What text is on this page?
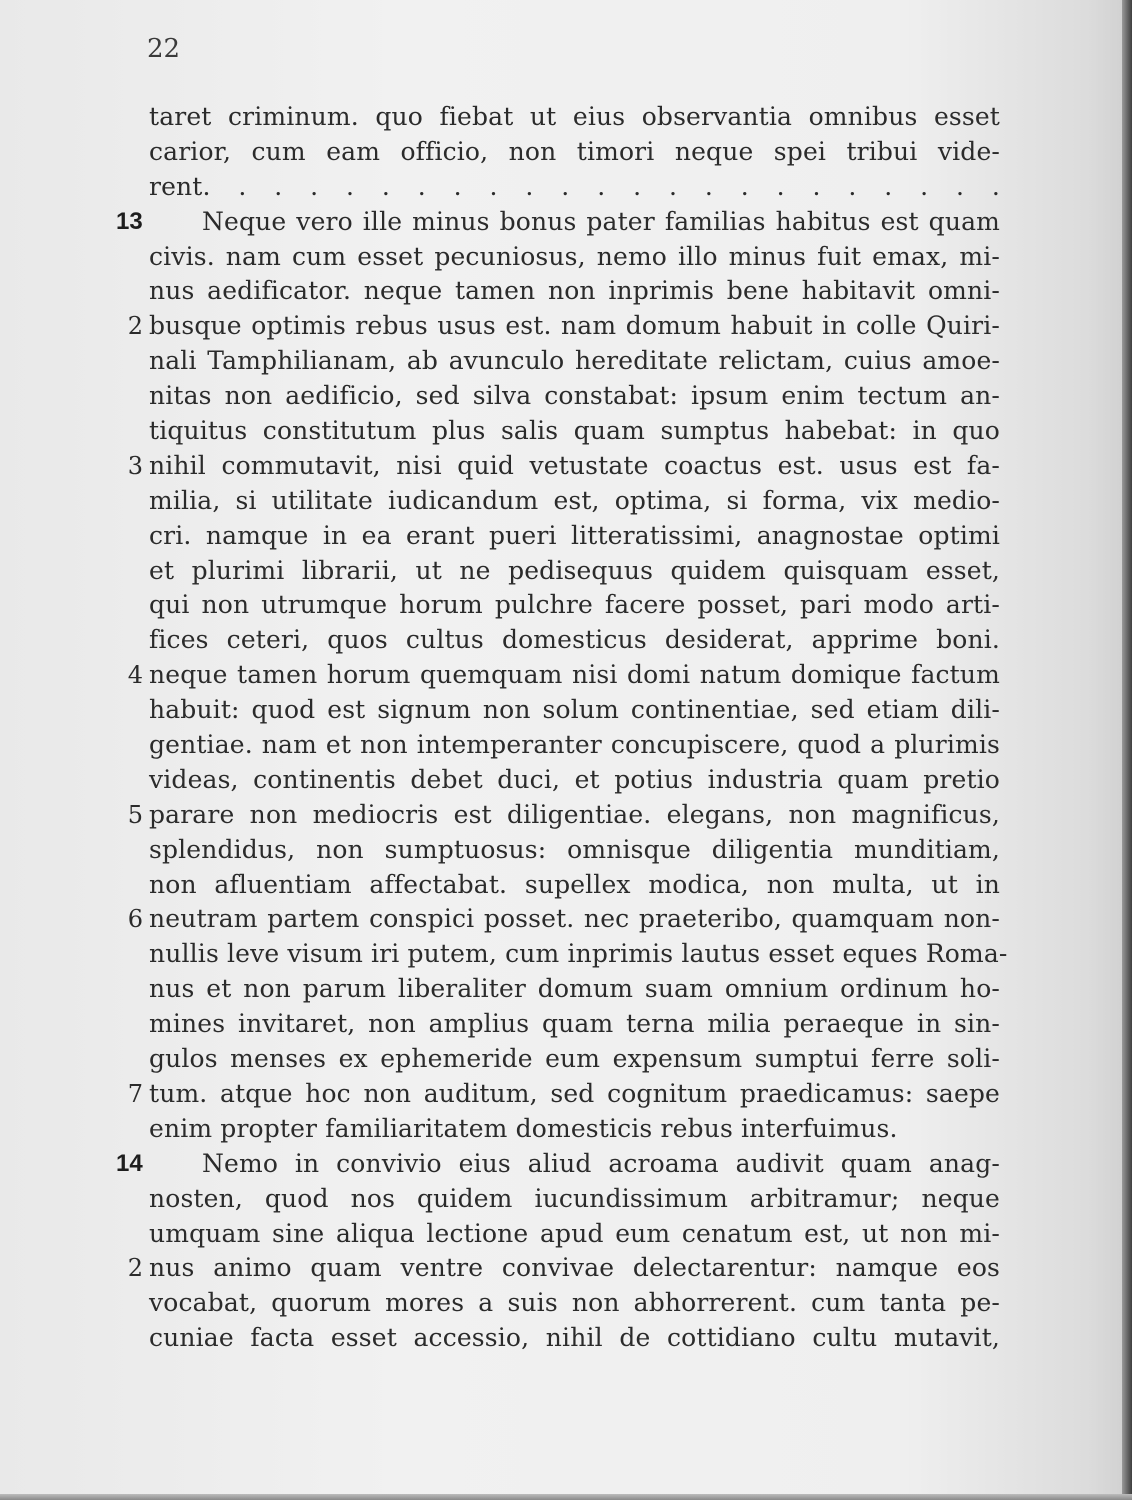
22
taret criminum. quo fiebat ut eius observantia omnibus esset
carior, cum eam officio, non timori neque spei tribui vide-
rent. . . . . . . . . . . . . . . . . . . . . . .
13 Neque vero ille minus bonus pater familias habitus est quam
civis. nam cum esset pecuniosus, nemo illo minus fuit emax, mi-
nus aedificator. neque tamen non inprimis bene habitavit omni-
2 busque optimis rebus usus est. nam domum habuit in colle Quiri-
nali Tamphilianam, ab avunculo hereditate relictam, cuius amoe-
nitas non aedificio, sed silva constabat: ipsum enim tectum an-
tiquitus constitutum plus salis quam sumptus habebat: in quo
3 nihil commutavit, nisi quid vetustate coactus est. usus est fa-
milia, si utilitate iudicandum est, optima, si forma, vix medio-
cri. namque in ea erant pueri litteratissimi, anagnostae optimi
et plurimi librarii, ut ne pedisequus quidem quisquam esset,
qui non utrumque horum pulchre facere posset, pari modo arti-
fices ceteri, quos cultus domesticus desiderat, apprime boni.
4 neque tamen horum quemquam nisi domi natum domique factum
habuit: quod est signum non solum continentiae, sed etiam dili-
gentiae. nam et non intemperanter concupiscere, quod a plurimis
videas, continentis debet duci, et potius industria quam pretio
5 parare non mediocris est diligentiae. elegans, non magnificus,
splendidus, non sumptuosus: omnisque diligentia munditiam,
non afluentiam affectabat. supellex modica, non multa, ut in
6 neutram partem conspici posset. nec praeteribo, quamquam non-
nullis leve visum iri putem, cum inprimis lautus esset eques Roma-
nus et non parum liberaliter domum suam omnium ordinum ho-
mines invitaret, non amplius quam terna milia peraeque in sin-
gulos menses ex ephemeride eum expensum sumptui ferre soli-
7 tum. atque hoc non auditum, sed cognitum praedicamus: saepe
enim propter familiaritatem domesticis rebus interfuimus.
14 Nemo in convivio eius aliud acroama audivit quam anag-
nosten, quod nos quidem iucundissimum arbitramur; neque
umquam sine aliqua lectione apud eum cenatum est, ut non mi-
2 nus animo quam ventre convivae delectarentur: namque eos
vocabat, quorum mores a suis non abhorrerent. cum tanta pe-
cuniae facta esset accessio, nihil de cottidiano cultu mutavit,
